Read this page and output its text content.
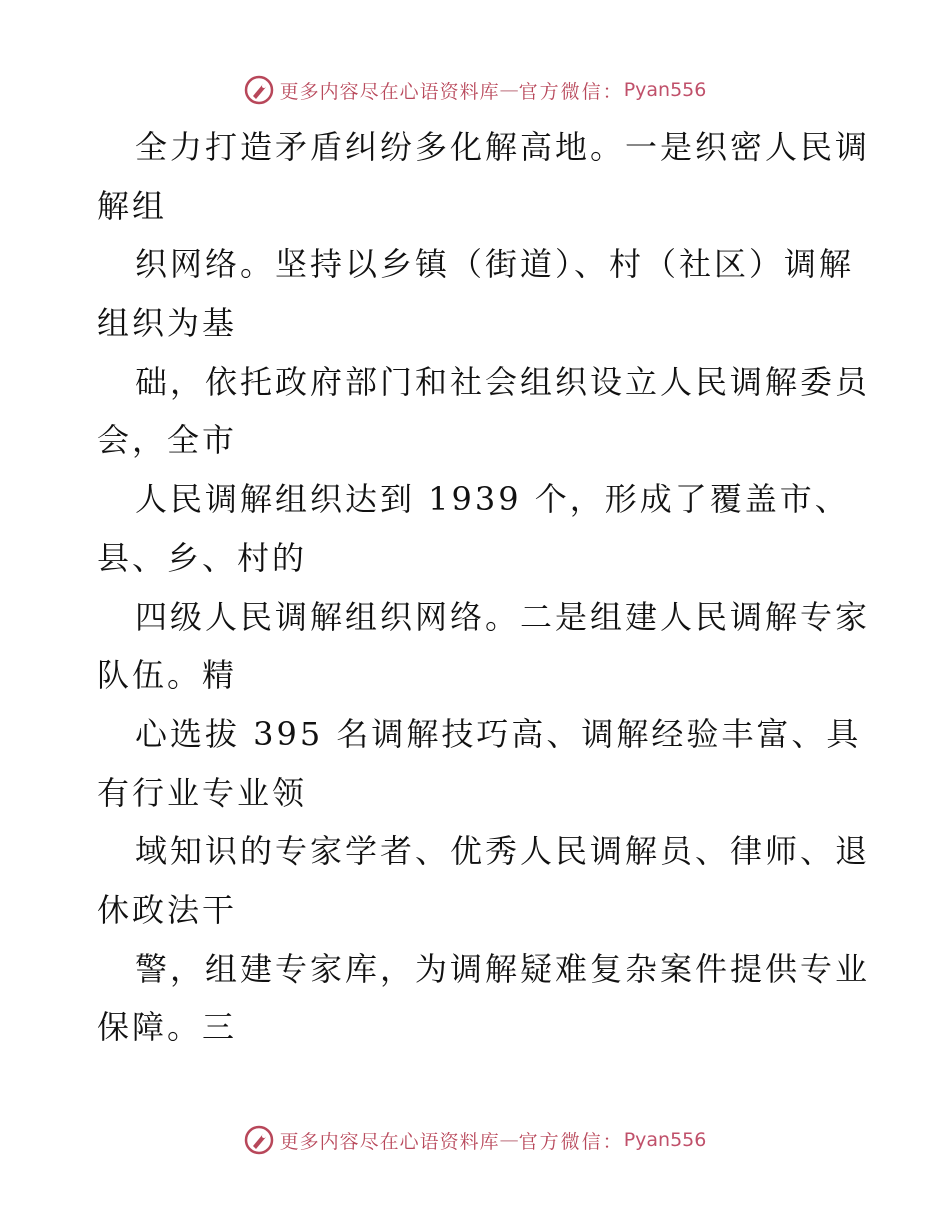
更多内容尽在心语资料库 — 官方微信： Pyan556
全力打造矛盾纠纷多化解高地。一是织密人民调
解组
织网络。坚持以乡镇（街道）、村（社区）调解
组织为基
础，依托政府部门和社会组织设立人民调解委员
会，全市
人民调解组织达到 1939 个，形成了覆盖市、
县、乡、村的
四级人民调解组织网络。二是组建人民调解专家
队伍。精
心选拔 395 名调解技巧高、调解经验丰富、具
有行业专业领
域知识的专家学者、优秀人民调解员、律师、退
休政法干
警，组建专家库，为调解疑难复杂案件提供专业
保障。三
更多内容尽在心语资料库 — 官方微信： Pyan556
